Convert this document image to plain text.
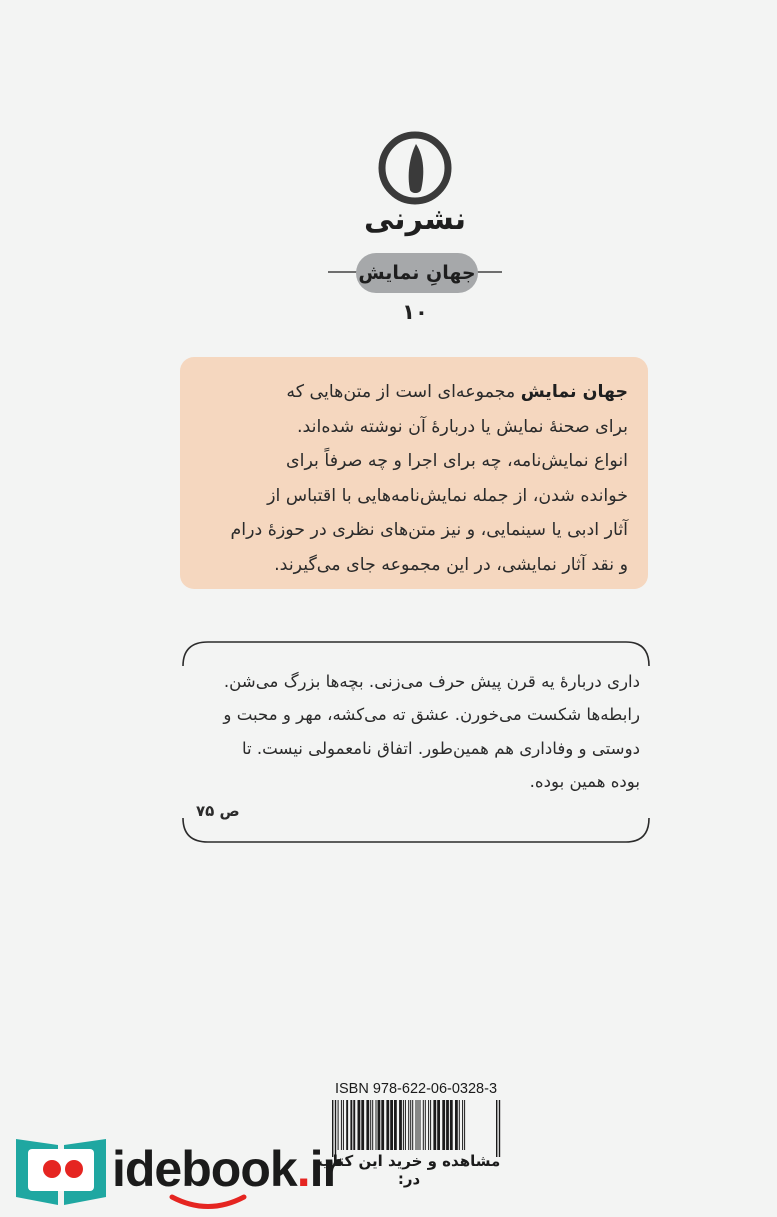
نشرنی
جهانِ نمایش
۱۰
جهان نمایش مجموعه‌ای است از متن‌هایی که
برای صحنهٔ نمایش یا دربارهٔ آن نوشته شده‌اند.
انواع نمایش‌نامه، چه برای اجرا و چه صرفاً برای
خوانده شدن، از جمله نمایش‌نامه‌هایی با اقتباس از
آثار ادبی یا سینمایی، و نیز متن‌های نظری در حوزهٔ درام
و نقد آثار نمایشی، در این مجموعه جای می‌گیرند.
داری دربارهٔ یه قرن پیش حرف می‌زنی. بچه‌ها بزرگ می‌شن.
رابطه‌ها شکست می‌خورن. عشق ته می‌کشه، مهر و محبت و
دوستی و وفاداری هم همین‌طور. اتفاق نامعمولی نیست. تا
بوده همین بوده.
ص ۷۵
ISBN 978-622-06-0328-3
idebook.ir
مشاهده و خرید این کتاب در:
